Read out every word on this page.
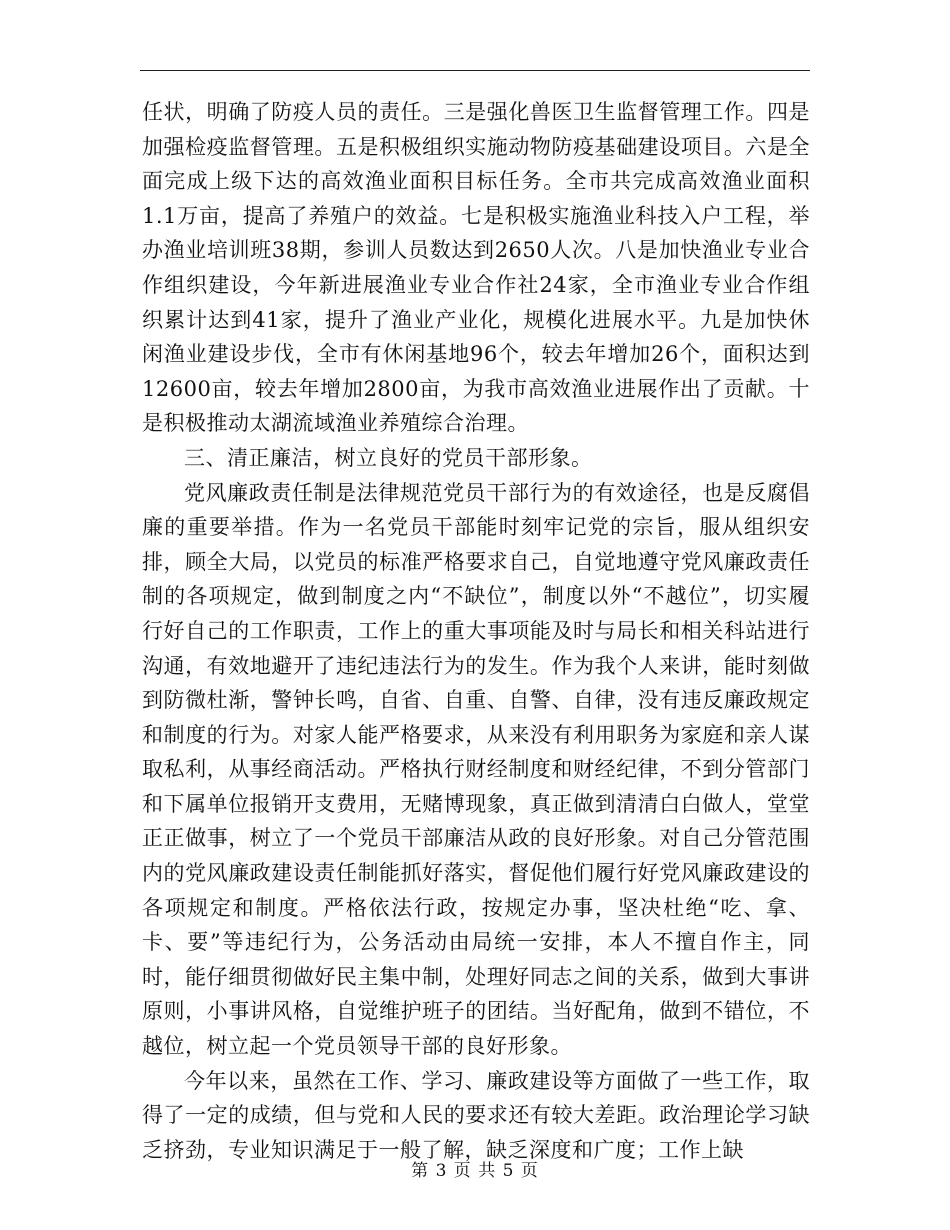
任状，明确了防疫人员的责任。三是强化兽医卫生监督管理工作。四是加强检疫监督管理。五是积极组织实施动物防疫基础建设项目。六是全面完成上级下达的高效渔业面积目标任务。全市共完成高效渔业面积1.1万亩，提高了养殖户的效益。七是积极实施渔业科技入户工程，举办渔业培训班38期，参训人员数达到2650人次。八是加快渔业专业合作组织建设，今年新进展渔业专业合作社24家，全市渔业专业合作组织累计达到41家，提升了渔业产业化，规模化进展水平。九是加快休闲渔业建设步伐，全市有休闲基地96个，较去年增加26个，面积达到12600亩，较去年增加2800亩，为我市高效渔业进展作出了贡献。十是积极推动太湖流域渔业养殖综合治理。

三、清正廉洁，树立良好的党员干部形象。

党风廉政责任制是法律规范党员干部行为的有效途径，也是反腐倡廉的重要举措。作为一名党员干部能时刻牢记党的宗旨，服从组织安排，顾全大局，以党员的标准严格要求自己，自觉地遵守党风廉政责任制的各项规定，做到制度之内“不缺位”，制度以外“不越位”，切实履行好自己的工作职责，工作上的重大事项能及时与局长和相关科站进行沟通，有效地避开了违纪违法行为的发生。作为我个人来讲，能时刻做到防微杜渐，警钟长鸣，自省、自重、自警、自律，没有违反廉政规定和制度的行为。对家人能严格要求，从来没有利用职务为家庭和亲人谋取私利，从事经商活动。严格执行财经制度和财经纪律，不到分管部门和下属单位报销开支费用，无赌博现象，真正做到清清白白做人，堂堂正正做事，树立了一个党员干部廉洁从政的良好形象。对自己分管范围内的党风廉政建设责任制能抓好落实，督促他们履行好党风廉政建设的各项规定和制度。严格依法行政，按规定办事，坚决杜绝“吃、拿、卡、要”等违纪行为，公务活动由局统一安排，本人不擅自作主，同时，能仔细贯彻做好民主集中制，处理好同志之间的关系，做到大事讲原则，小事讲风格，自觉维护班子的团结。当好配角，做到不错位，不越位，树立起一个党员领导干部的良好形象。

今年以来，虽然在工作、学习、廉政建设等方面做了一些工作，取得了一定的成绩，但与党和人民的要求还有较大差距。政治理论学习缺乏挤劲，专业知识满足于一般了解，缺乏深度和广度；工作上缺

第 3 页 共 5 页
